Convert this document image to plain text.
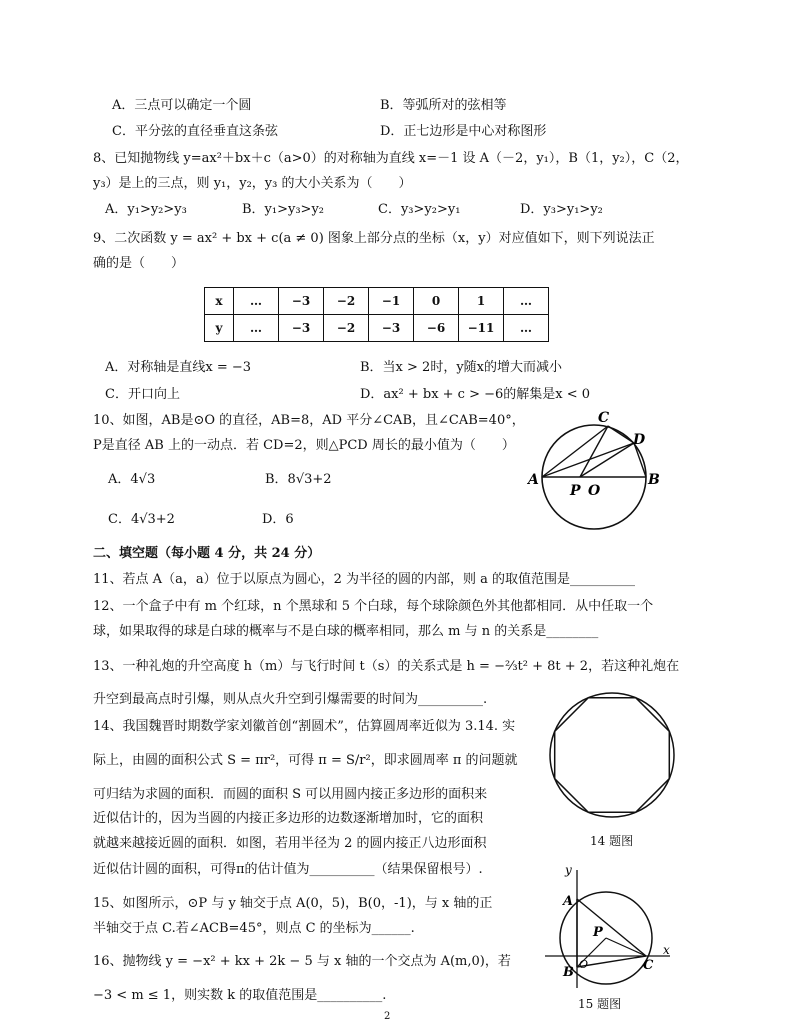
A．三点可以确定一个圆	B．等弧所对的弦相等
C．平分弦的直径垂直这条弦	D．正七边形是中心对称图形
8、已知抛物线 y=ax²＋bx＋c（a>0）的对称轴为直线 x=－1 设 A（－2，y₁），B（1，y₂），C（2，
y₃）是上的三点，则 y₁，y₂，y₃ 的大小关系为（　　）
A．y₁>y₂>y₃	B．y₁>y₃>y₂	C．y₃>y₂>y₁	D．y₃>y₁>y₂
9、二次函数 y = ax² + bx + c(a ≠ 0) 图象上部分点的坐标（x，y）对应值如下，则下列说法正
确的是（　　）
x	…	−3	−2	−1	0	1	…
y	…	−3	−2	−3	−6	−11	…
A．对称轴是直线x = −3	B．当x > 2时，y随x的增大而减小
C．开口向上	D．ax² + bx + c > −6的解集是x < 0
10、如图，AB是⊙O 的直径，AB=8，AD 平分∠CAB，且∠CAB=40°，
P是直径 AB 上的一动点．若 CD=2，则△PCD 周长的最小值为（　　）
A．4√3	B．8√3+2
C．4√3+2	D．6
A	B
C
D
P O
二、填空题（每小题 4 分，共 24 分）
11、若点 A（a，a）位于以原点为圆心，2 为半径的圆的内部，则 a 的取值范围是__________
12、一个盒子中有 m 个红球，n 个黑球和 5 个白球，每个球除颜色外其他都相同．从中任取一个
球，如果取得的球是白球的概率与不是白球的概率相同，那么 m 与 n 的关系是________
13、一种礼炮的升空高度 h（m）与飞行时间 t（s）的关系式是 h = −⅔t² + 8t + 2，若这种礼炮在
升空到最高点时引爆，则从点火升空到引爆需要的时间为__________.
14、我国魏晋时期数学家刘徽首创“割圆术”，估算圆周率近似为 3.14. 实
际上，由圆的面积公式 S = πr²，可得 π = S/r²，即求圆周率 π 的问题就
可归结为求圆的面积．而圆的面积 S 可以用圆内接正多边形的面积来
近似估计的，因为当圆的内接正多边形的边数逐渐增加时，它的面积
就越来越接近圆的面积．如图，若用半径为 2 的圆内接正八边形面积
近似估计圆的面积，可得π的估计值为__________（结果保留根号）.
14 题图
15、如图所示，⊙P 与 y 轴交于点 A(0，5)，B(0，-1)，与 x 轴的正
半轴交于点 C.若∠ACB=45°，则点 C 的坐标为______.
y
x
A
B	C
O
P
15 题图
16、抛物线 y = −x² + kx + 2k − 5 与 x 轴的一个交点为 A(m,0)，若
−3 < m ≤ 1，则实数 k 的取值范围是__________.
2
